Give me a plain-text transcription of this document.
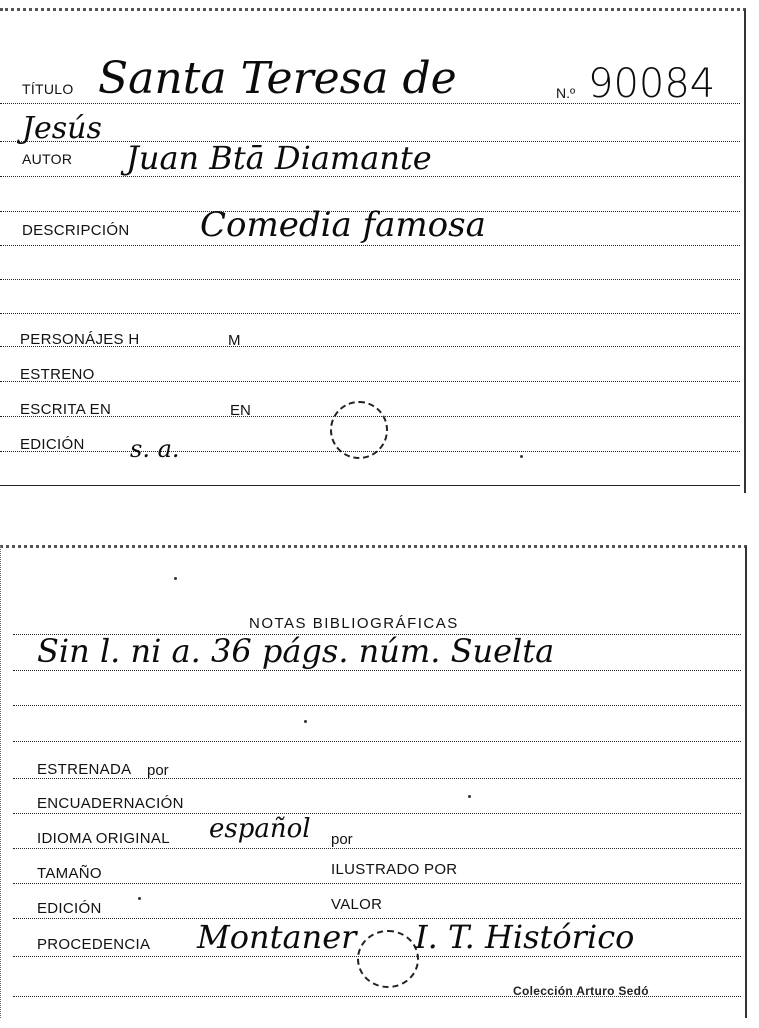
TÍTULO Santa Teresa de
Jesús
N.º 90084
AUTOR Juan Btā Diamante
DESCRIPCIÓN Comedia famosa
PERSONÁJES H	M
ESTRENO
ESCRITA EN	EN
EDICIÓN s. a.
NOTAS BIBLIOGRÁFICAS
Sin l. ni a. 36 págs. núm. Suelta
ESTRENADA por
ENCUADERNACIÓN
IDIOMA ORIGINAL español por
TAMAÑO	ILUSTRADO POR
EDICIÓN	VALOR
PROCEDENCIA Montaner I. T. Histórico
Colección Arturo Sedó
